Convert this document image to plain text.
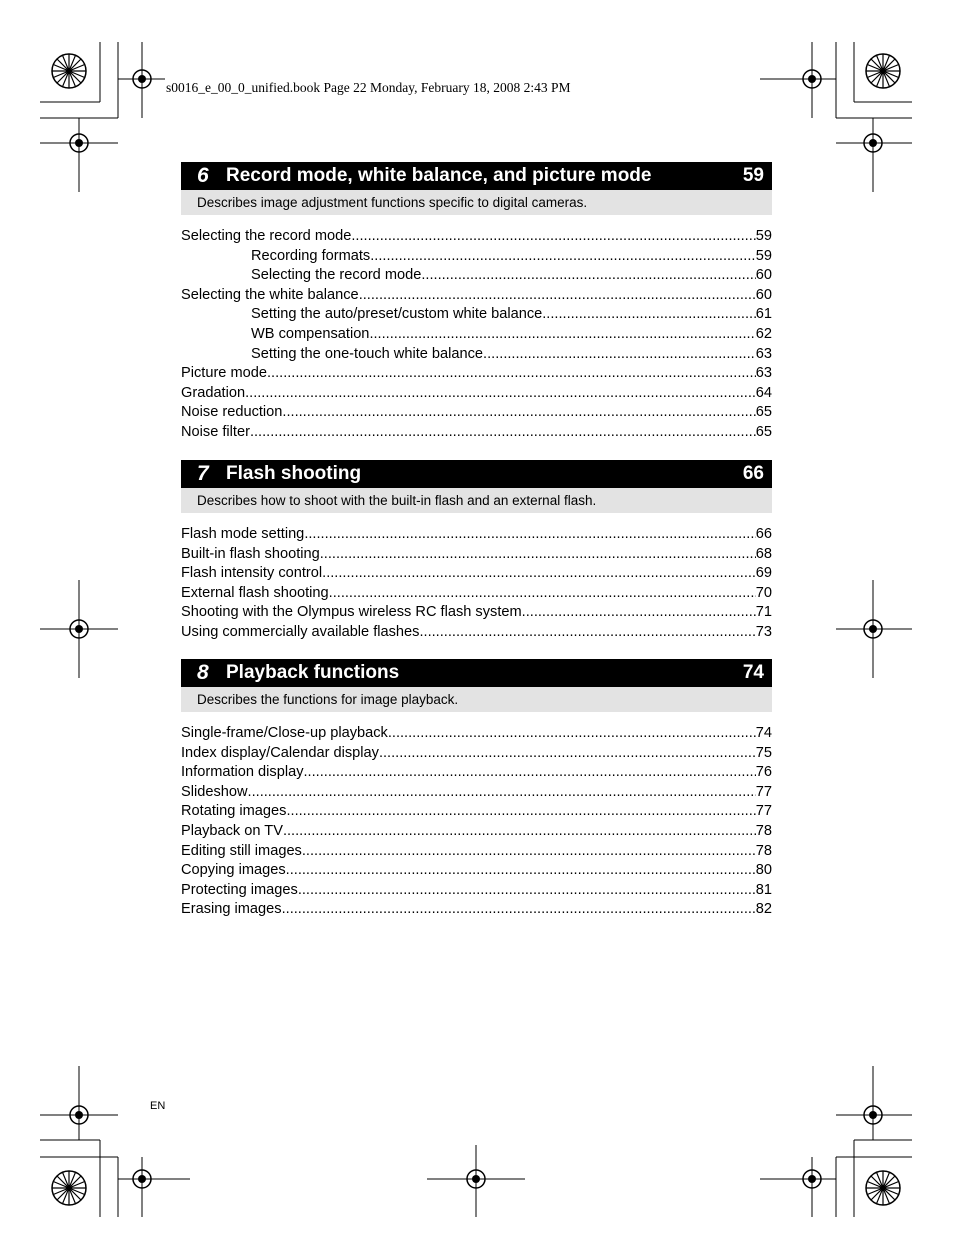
s0016_e_00_0_unified.book Page 22 Monday, February 18, 2008 2:43 PM
6 Record mode, white balance, and picture mode	59
Describes image adjustment functions specific to digital cameras.
Selecting the record mode .....	59
Recording formats .....	59
Selecting the record mode .....	60
Selecting the white balance .....	60
Setting the auto/preset/custom white balance .....	61
WB compensation .....	62
Setting the one-touch white balance .....	63
Picture mode .....	63
Gradation .....	64
Noise reduction .....	65
Noise filter .....	65
7 Flash shooting	66
Describes how to shoot with the built-in flash and an external flash.
Flash mode setting .....	66
Built-in flash shooting .....	68
Flash intensity control .....	69
External flash shooting .....	70
Shooting with the Olympus wireless RC flash system .....	71
Using commercially available flashes .....	73
8 Playback functions	74
Describes the functions for image playback.
Single-frame/Close-up playback .....	74
Index display/Calendar display .....	75
Information display .....	76
Slideshow .....	77
Rotating images .....	77
Playback on TV .....	78
Editing still images .....	78
Copying images .....	80
Protecting images .....	81
Erasing images .....	82
EN
